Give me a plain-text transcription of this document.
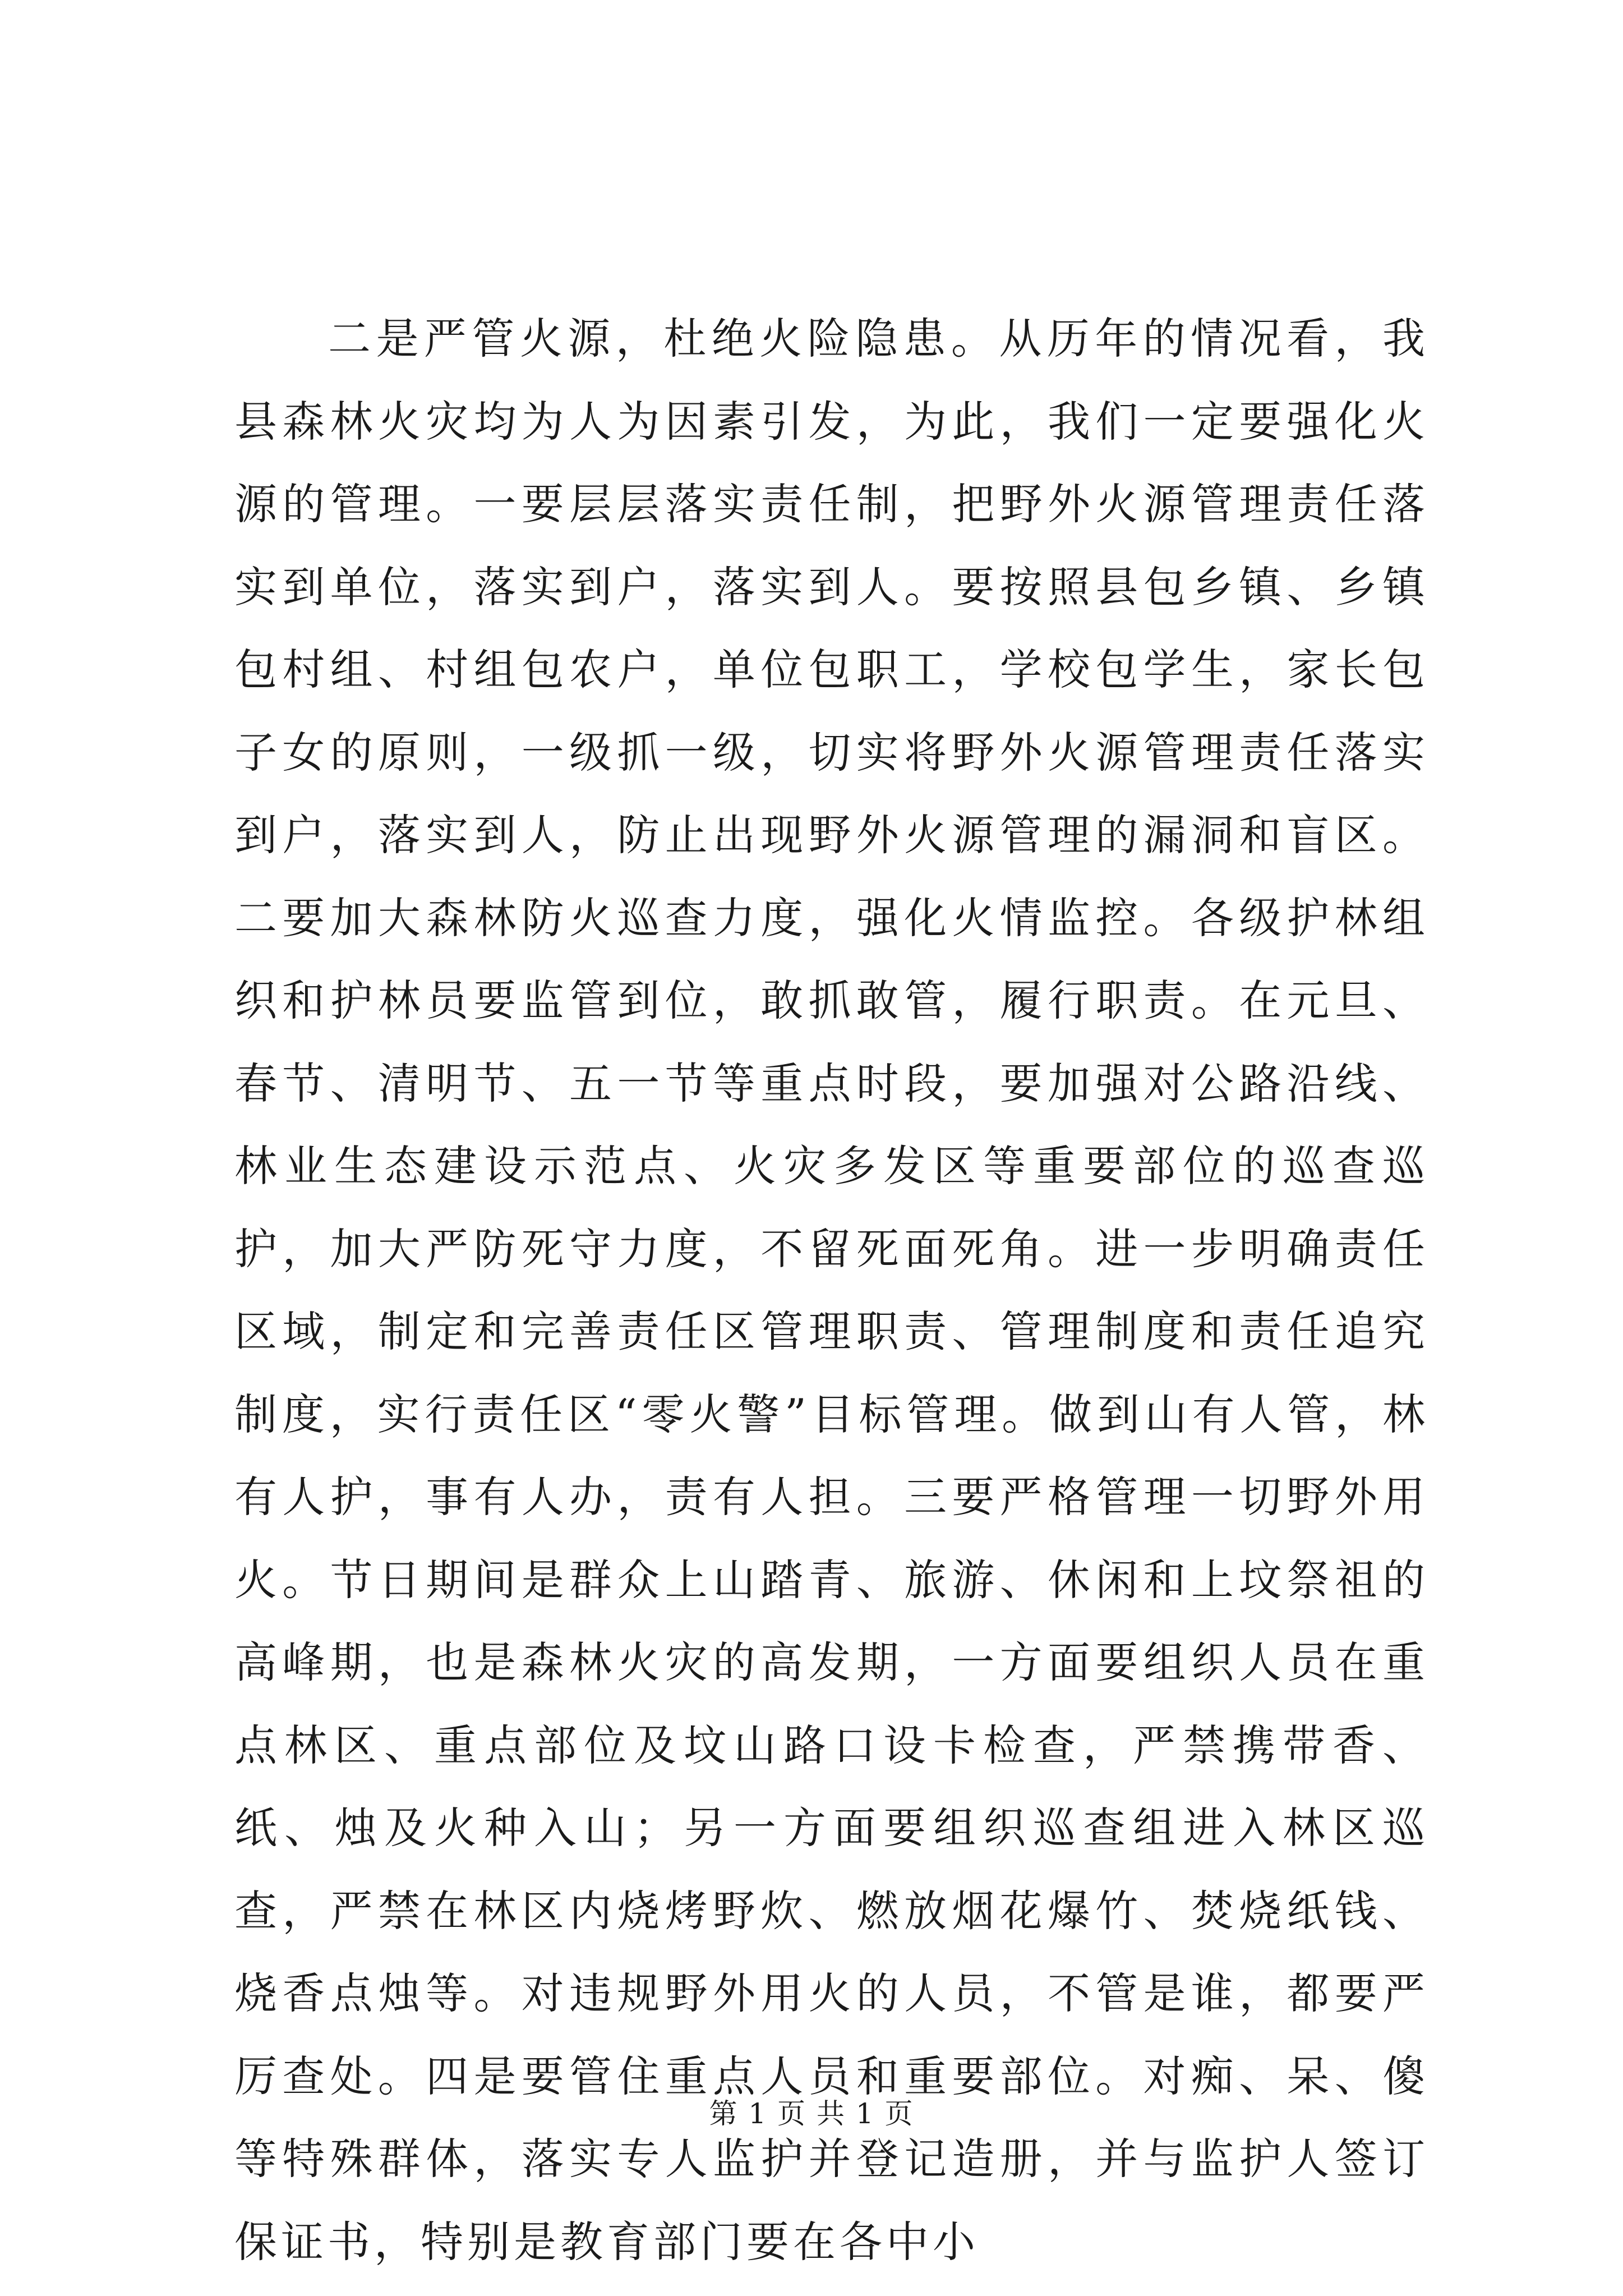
二是严管火源，杜绝火险隐患。从历年的情况看，我县森林火灾均为人为因素引发，为此，我们一定要强化火源的管理。一要层层落实责任制，把野外火源管理责任落实到单位，落实到户，落实到人。要按照县包乡镇、乡镇包村组、村组包农户，单位包职工，学校包学生，家长包子女的原则，一级抓一级，切实将野外火源管理责任落实到户，落实到人，防止出现野外火源管理的漏洞和盲区。二要加大森林防火巡查力度，强化火情监控。各级护林组织和护林员要监管到位，敢抓敢管，履行职责。在元旦、春节、清明节、五一节等重点时段，要加强对公路沿线、林业生态建设示范点、火灾多发区等重要部位的巡查巡护，加大严防死守力度，不留死面死角。进一步明确责任区域，制定和完善责任区管理职责、管理制度和责任追究制度，实行责任区“零火警”目标管理。做到山有人管，林有人护，事有人办，责有人担。三要严格管理一切野外用火。节日期间是群众上山踏青、旅游、休闲和上坟祭祖的高峰期，也是森林火灾的高发期，一方面要组织人员在重点林区、重点部位及坟山路口设卡检查，严禁携带香、纸、烛及火种入山；另一方面要组织巡查组进入林区巡查，严禁在林区内烧烤野炊、燃放烟花爆竹、焚烧纸钱、烧香点烛等。对违规野外用火的人员，不管是谁，都要严厉查处。四是要管住重点人员和重要部位。对痴、呆、傻等特殊群体，落实专人监护并登记造册，并与监护人签订保证书，特别是教育部门要在各中小

第 1 页 共 1 页
